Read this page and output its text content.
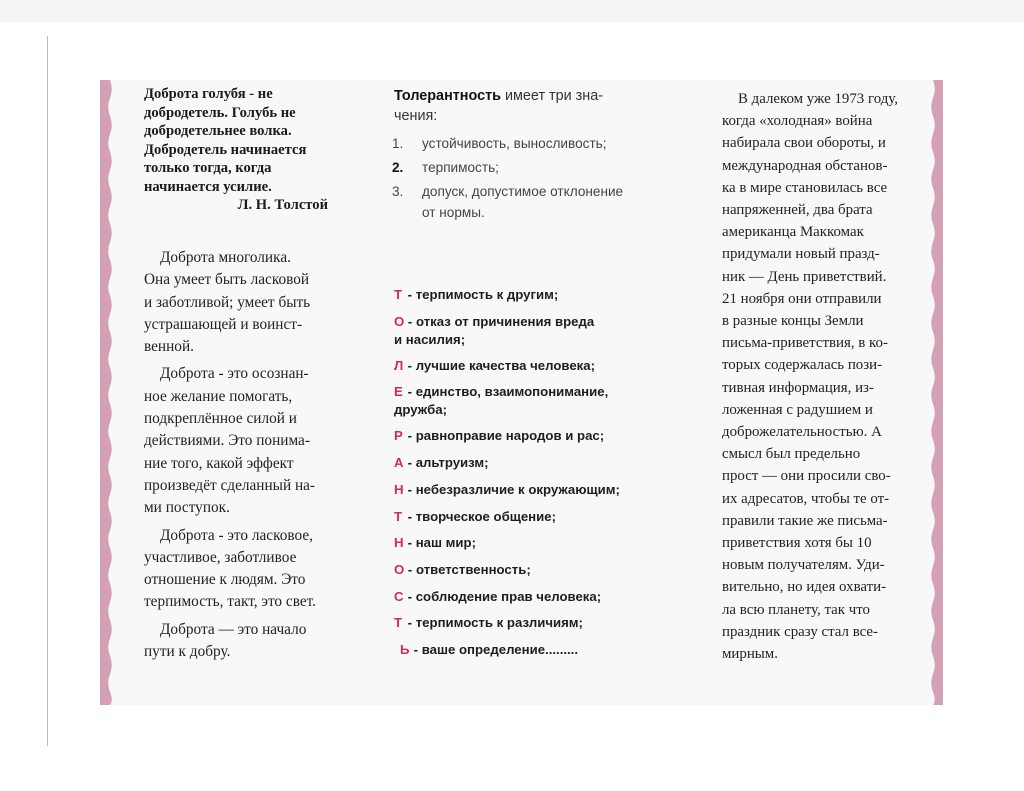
Доброта голубя - не
добродетель. Голубь не
добродетельнее волка.
Добродетель начинается
только тогда, когда
начинается усилие.
Л. Н. Толстой
Доброта многолика.
Она умеет быть ласковой
и заботливой; умеет быть
устрашающей и воинст-
венной.
Доброта - это осознан-
ное желание помогать,
подкреплённое силой и
действиями. Это понима-
ние того, какой эффект
произведёт сделанный на-
ми поступок.
Доброта - это ласковое,
участливое, заботливое
отношение к людям. Это
терпимость, такт, это свет.
Доброта — это начало
пути к добру.
Толерантность имеет три зна-
чения:
1.	устойчивость, выносливость;
2.	терпимость;
3.	допуск, допустимое отклонение
от нормы.
Т - терпимость к другим;
О - отказ от причинения вреда
и насилия;
Л - лучшие качества человека;
Е - единство, взаимопонимание,
дружба;
Р - равноправие народов и рас;
А - альтруизм;
Н - небезразличие к окружающим;
Т - творческое общение;
Н - наш мир;
О - ответственность;
С - соблюдение прав человека;
Т - терпимость к различиям;
Ь - ваше определение.........
В далеком уже 1973 году,
когда «холодная» война
набирала свои обороты, и
международная обстанов-
ка в мире становилась все
напряженней, два брата
американца Маккомак
придумали новый празд-
ник — День приветствий.
21 ноября они отправили
в разные концы Земли
письма-приветствия, в ко-
торых содержалась пози-
тивная информация, из-
ложенная с радушием и
доброжелательностью. А
смысл был предельно
прост — они просили сво-
их адресатов, чтобы те от-
правили такие же письма-
приветствия хотя бы 10
новым получателям. Уди-
вительно, но идея охвати-
ла всю планету, так что
праздник сразу стал все-
мирным.
